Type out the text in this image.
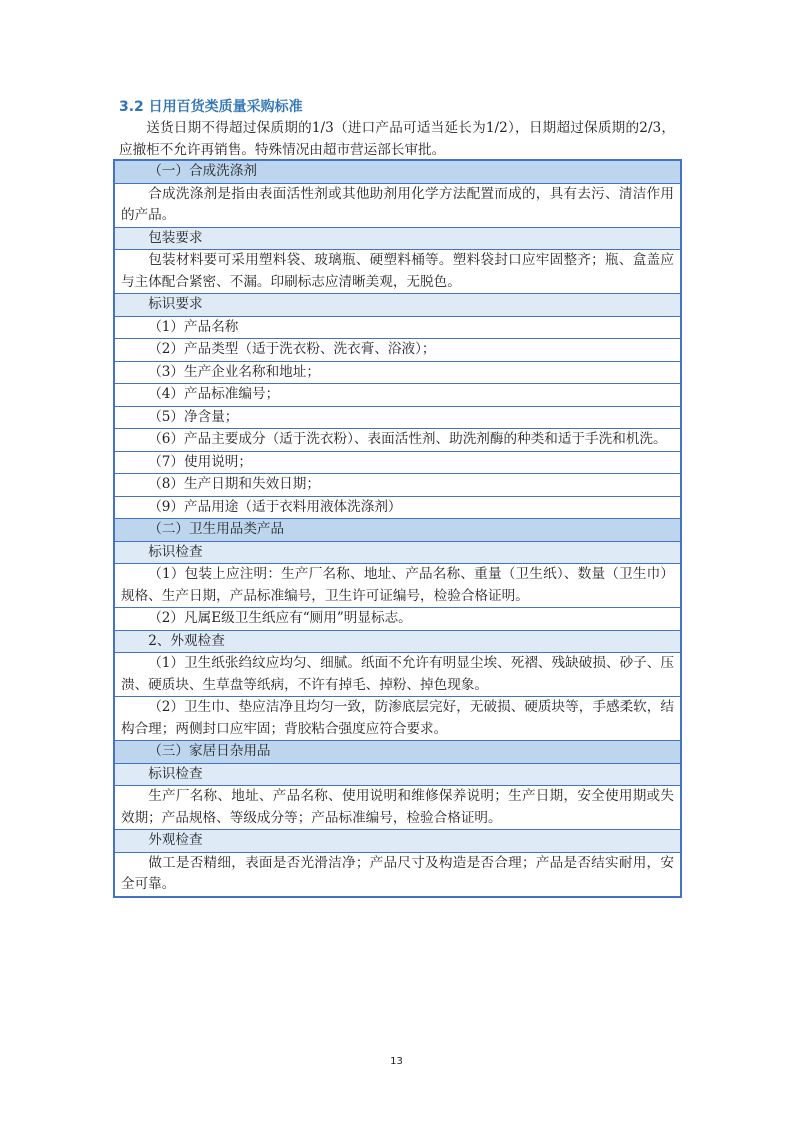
3.2 日用百货类质量采购标准
送货日期不得超过保质期的1/3（进口产品可适当延长为1/2），日期超过保质期的2/3，应撤柜不允许再销售。特殊情况由超市营运部长审批。
（一）合成洗涤剂
合成洗涤剂是指由表面活性剂或其他助剂用化学方法配置而成的，具有去污、清洁作用的产品。
包装要求
包装材料要可采用塑料袋、玻璃瓶、硬塑料桶等。塑料袋封口应牢固整齐；瓶、盒盖应与主体配合紧密、不漏。印刷标志应清晰美观，无脱色。
标识要求
（1）产品名称
（2）产品类型（适于洗衣粉、洗衣膏、浴液）；
（3）生产企业名称和地址；
（4）产品标准编号；
（5）净含量；
（6）产品主要成分（适于洗衣粉）、表面活性剂、助洗剂酶的种类和适于手洗和机洗。
（7）使用说明；
（8）生产日期和失效日期；
（9）产品用途（适于衣料用液体洗涤剂）
（二）卫生用品类产品
标识检查
（1）包装上应注明：生产厂名称、地址、产品名称、重量（卫生纸）、数量（卫生巾）规格、生产日期，产品标准编号，卫生许可证编号，检验合格证明。
（2）凡属E级卫生纸应有“厕用”明显标志。
2、外观检查
（1）卫生纸张绉纹应均匀、细腻。纸面不允许有明显尘埃、死褶、残缺破损、砂子、压溃、硬质块、生草盘等纸病，不许有掉毛、掉粉、掉色现象。
（2）卫生巾、垫应洁净且均匀一致，防渗底层完好，无破损、硬质块等，手感柔软，结构合理；两侧封口应牢固；背胶粘合强度应符合要求。
（三）家居日杂用品
标识检查
生产厂名称、地址、产品名称、使用说明和维修保养说明；生产日期，安全使用期或失效期；产品规格、等级成分等；产品标准编号，检验合格证明。
外观检查
做工是否精细，表面是否光滑洁净；产品尺寸及构造是否合理；产品是否结实耐用，安全可靠。
13
